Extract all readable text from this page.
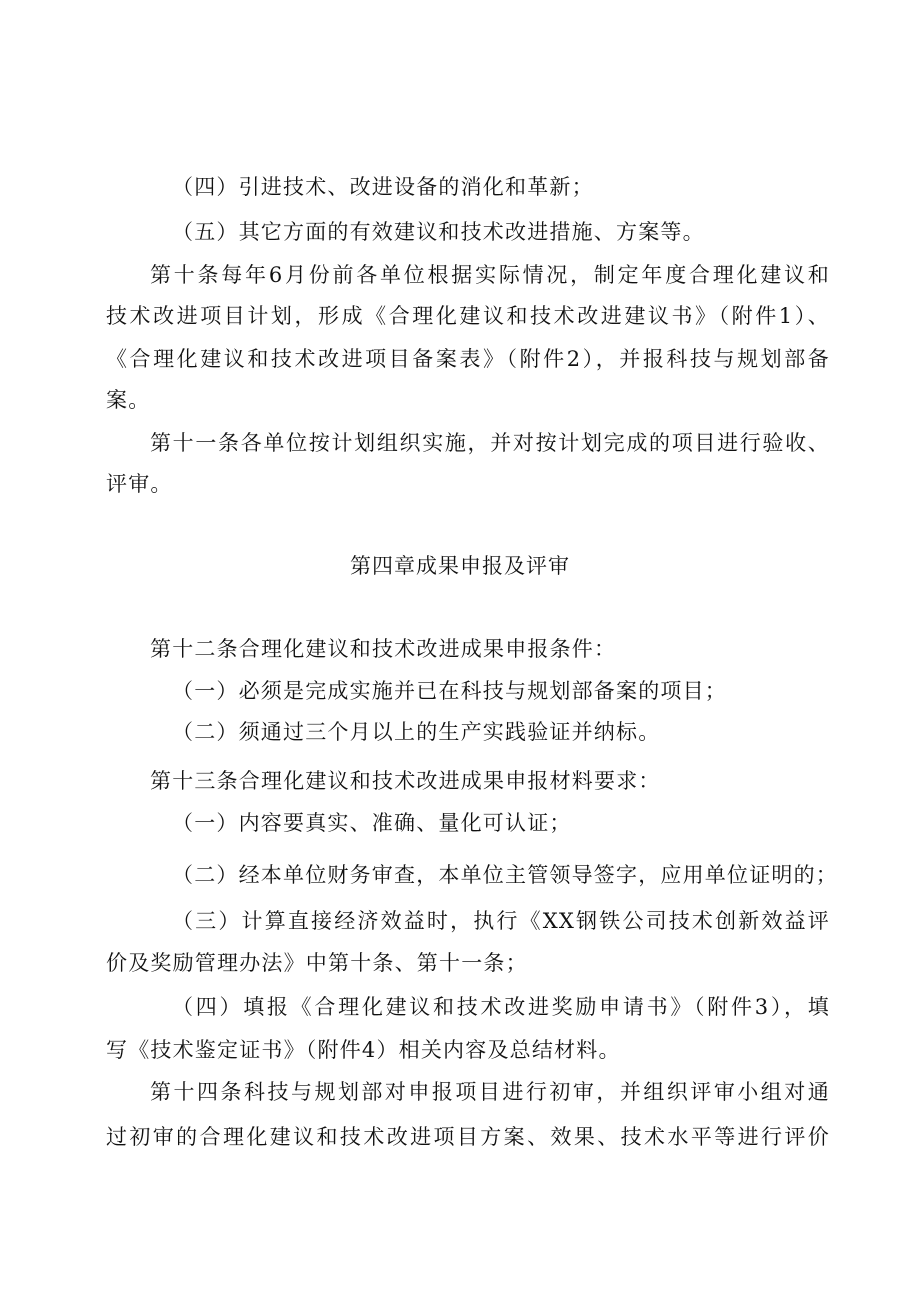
（四）引进技术、改进设备的消化和革新；
（五）其它方面的有效建议和技术改进措施、方案等。
第十条每年6月份前各单位根据实际情况，制定年度合理化建议和
技术改进项目计划，形成《合理化建议和技术改进建议书》（附件1）、
《合理化建议和技术改进项目备案表》（附件2），并报科技与规划部备
案。
第十一条各单位按计划组织实施，并对按计划完成的项目进行验收、
评审。
第四章成果申报及评审
第十二条合理化建议和技术改进成果申报条件：
（一）必须是完成实施并已在科技与规划部备案的项目；
（二）须通过三个月以上的生产实践验证并纳标。
第十三条合理化建议和技术改进成果申报材料要求：
（一）内容要真实、准确、量化可认证；
（二）经本单位财务审查，本单位主管领导签字，应用单位证明的；
（三）计算直接经济效益时，执行《XX钢铁公司技术创新效益评
价及奖励管理办法》中第十条、第十一条；
（四）填报《合理化建议和技术改进奖励申请书》（附件3），填
写《技术鉴定证书》（附件4）相关内容及总结材料。
第十四条科技与规划部对申报项目进行初审，并组织评审小组对通
过初审的合理化建议和技术改进项目方案、效果、技术水平等进行评价
